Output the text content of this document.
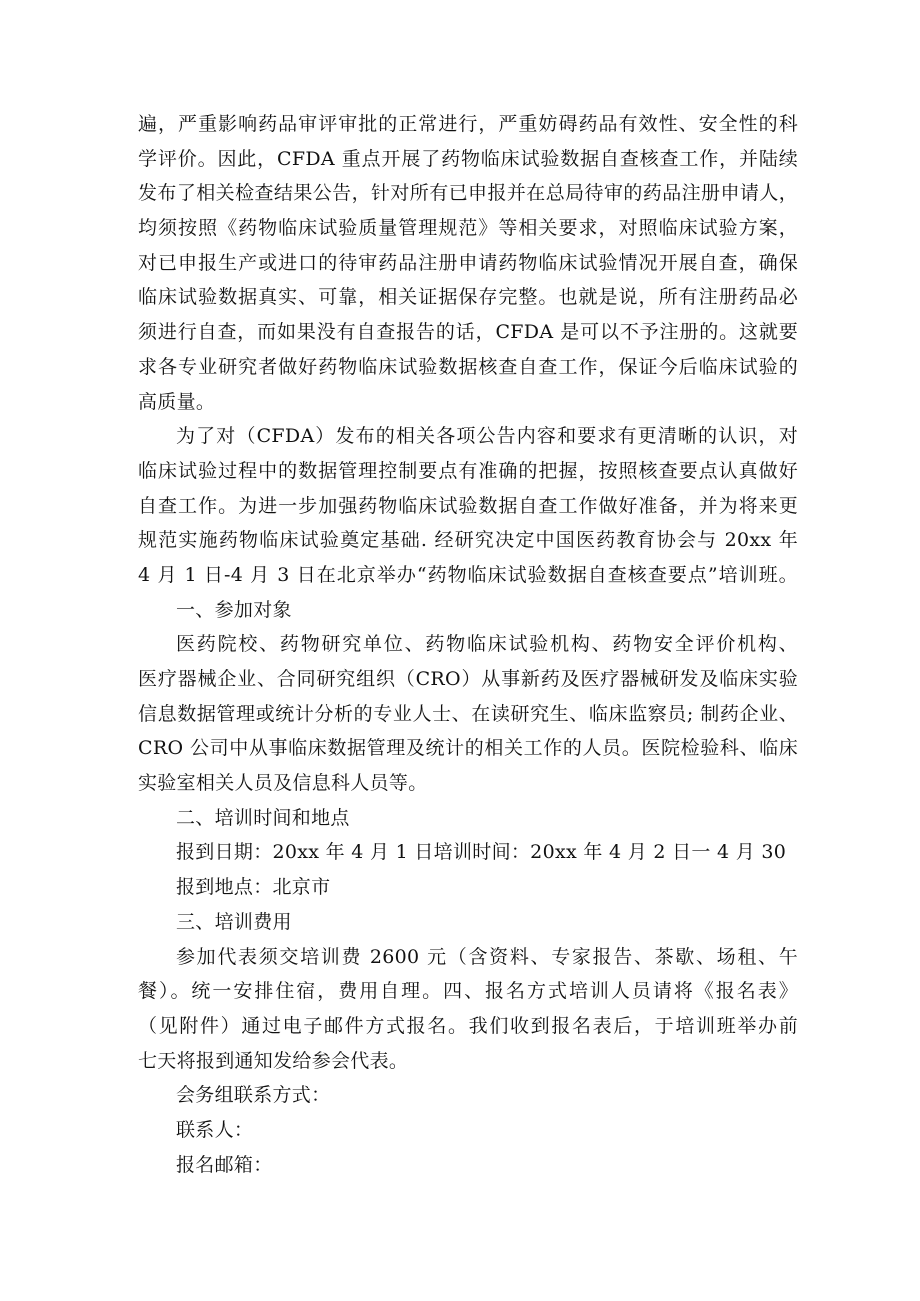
遍，严重影响药品审评审批的正常进行，严重妨碍药品有效性、安全性的科
学评价。因此，CFDA 重点开展了药物临床试验数据自查核查工作，并陆续
发布了相关检查结果公告，针对所有已申报并在总局待审的药品注册申请人，
均须按照《药物临床试验质量管理规范》等相关要求，对照临床试验方案，
对已申报生产或进口的待审药品注册申请药物临床试验情况开展自查，确保
临床试验数据真实、可靠，相关证据保存完整。也就是说，所有注册药品必
须进行自查，而如果没有自查报告的话，CFDA 是可以不予注册的。这就要
求各专业研究者做好药物临床试验数据核查自查工作，保证今后临床试验的
高质量。
为了对（CFDA）发布的相关各项公告内容和要求有更清晰的认识，对
临床试验过程中的数据管理控制要点有准确的把握，按照核查要点认真做好
自查工作。为进一步加强药物临床试验数据自查工作做好准备，并为将来更
规范实施药物临床试验奠定基础. 经研究决定中国医药教育协会与 20xx 年
4 月 1 日-4 月 3 日在北京举办“药物临床试验数据自查核查要点”培训班。
一、参加对象
医药院校、药物研究单位、药物临床试验机构、药物安全评价机构、
医疗器械企业、合同研究组织（CRO）从事新药及医疗器械研发及临床实验
信息数据管理或统计分析的专业人士、在读研究生、临床监察员; 制药企业、
CRO 公司中从事临床数据管理及统计的相关工作的人员。医院检验科、临床
实验室相关人员及信息科人员等。
二、培训时间和地点
报到日期：20xx 年 4 月 1 日培训时间：20xx 年 4 月 2 日一 4 月 30
报到地点：北京市
三、培训费用
参加代表须交培训费 2600 元（含资料、专家报告、茶歇、场租、午
餐）。统一安排住宿，费用自理。四、报名方式培训人员请将《报名表》
（见附件）通过电子邮件方式报名。我们收到报名表后，于培训班举办前
七天将报到通知发给参会代表。
会务组联系方式：
联系人：
报名邮箱：
